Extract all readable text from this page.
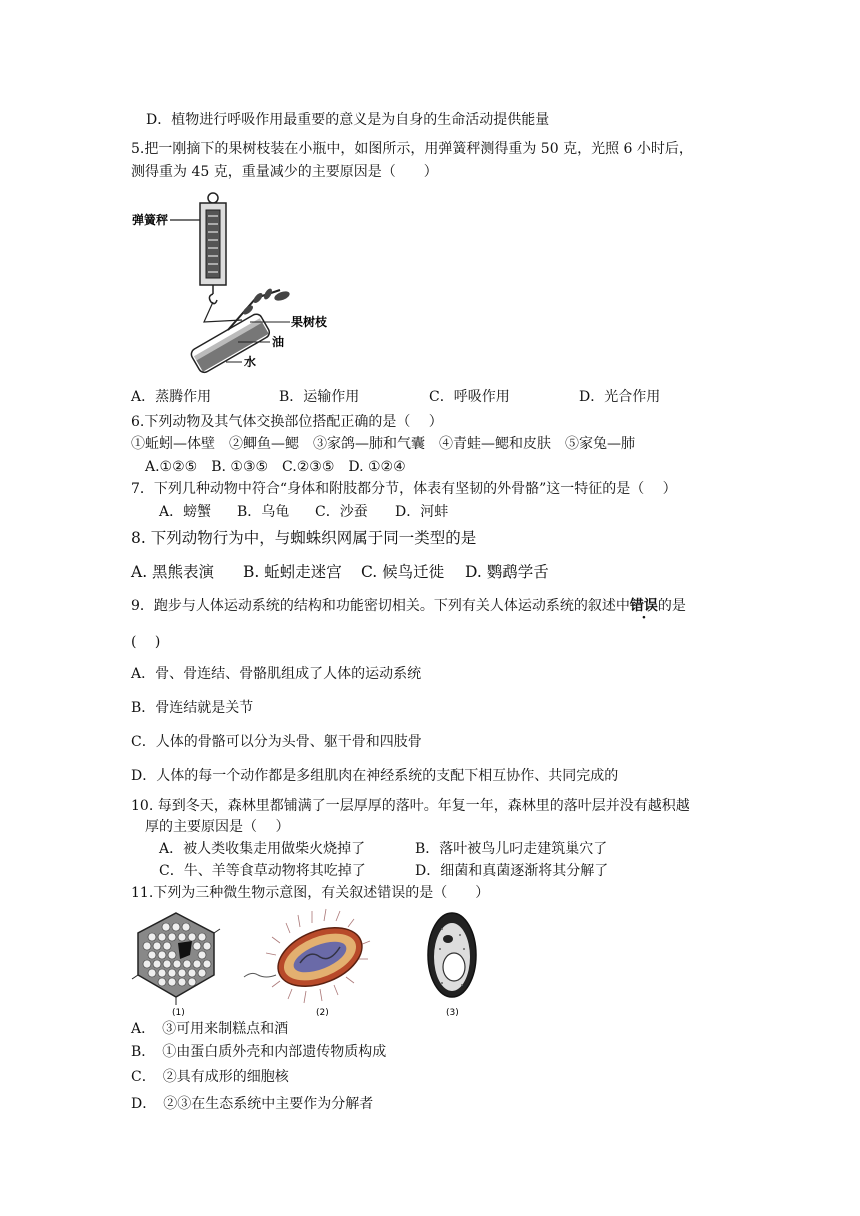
D．植物进行呼吸作用最重要的意义是为自身的生命活动提供能量
5.把一刚摘下的果树枝装在小瓶中，如图所示，用弹簧秤测得重为 50 克，光照 6 小时后，
测得重为 45 克，重量减少的主要原因是（　　）
弹簧秤
果树枝
油
水
A．蒸腾作用	B．运输作用	C．呼吸作用	D．光合作用
6.下列动物及其气体交换部位搭配正确的是（　 ）
①蚯蚓—体壁　②鲫鱼—鳃　③家鸽—肺和气囊　④青蛙—鳃和皮肤　⑤家兔—肺
A.①②⑤　B. ①③⑤　C.②③⑤　D. ①②④
7．下列几种动物中符合“身体和附肢都分节，体表有坚韧的外骨骼”这一特征的是（　 ）
A．螃蟹 B．乌龟 C．沙蚕 D．河蚌
8. 下列动物行为中，与蜘蛛织网属于同一类型的是
A. 黑熊表演 B. 蚯蚓走迷宫 C. 候鸟迁徙 D. 鹦鹉学舌
9．跑步与人体运动系统的结构和功能密切相关。下列有关人体运动系统的叙述中错误的是
(　 )
A．骨、骨连结、骨骼肌组成了人体的运动系统
B．骨连结就是关节
C．人体的骨骼可以分为头骨、躯干骨和四肢骨
D．人体的每一个动作都是多组肌肉在神经系统的支配下相互协作、共同完成的
10. 每到冬天，森林里都铺满了一层厚厚的落叶。年复一年，森林里的落叶层并没有越积越
厚的主要原因是（　 ）
A．被人类收集走用做柴火烧掉了	B．落叶被鸟儿叼走建筑巢穴了
C．牛、羊等食草动物将其吃掉了	D．细菌和真菌逐渐将其分解了
11.下列为三种微生物示意图，有关叙述错误的是（　　）
(1)	(2)	(3)
A．　③可用来制糕点和酒
B．　①由蛋白质外壳和内部遗传物质构成
C．　②具有成形的细胞核
D．　②③在生态系统中主要作为分解者
